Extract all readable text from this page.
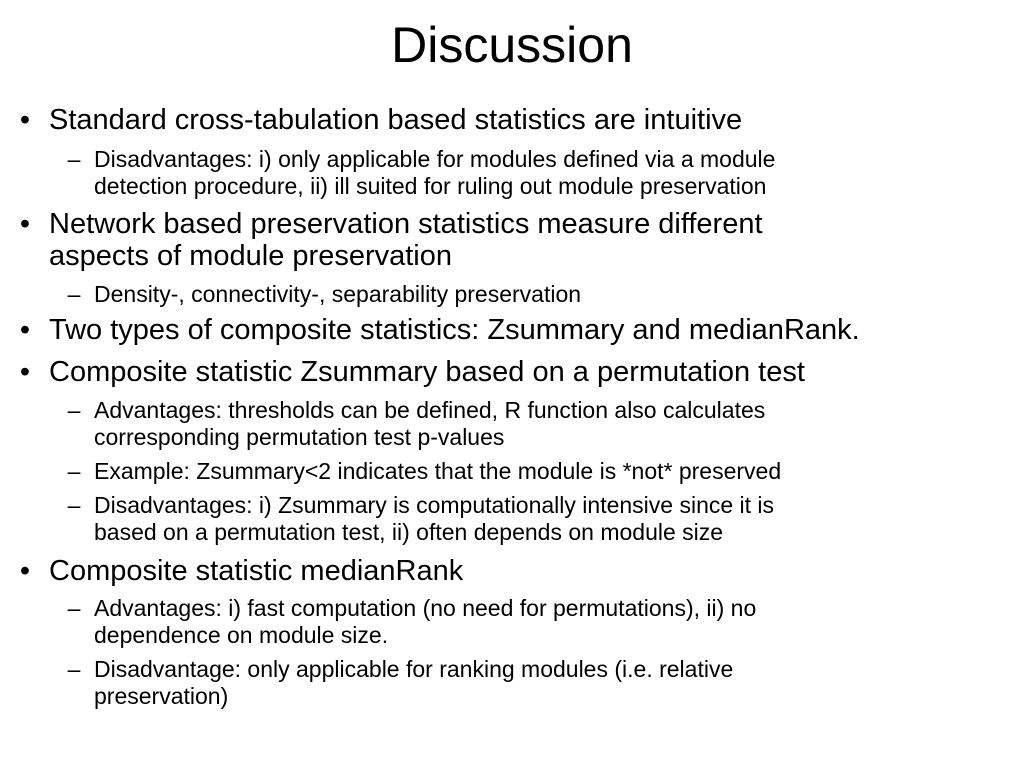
Discussion
• Standard cross-tabulation based statistics are intuitive
– Disadvantages: i) only applicable for modules defined via a module
detection procedure, ii) ill suited for ruling out module preservation
• Network based preservation statistics measure different
aspects of module preservation
– Density-, connectivity-, separability preservation
• Two types of composite statistics: Zsummary and medianRank.
• Composite statistic Zsummary based on a permutation test
– Advantages: thresholds can be defined, R function also calculates
corresponding permutation test p-values
– Example: Zsummary<2 indicates that the module is *not* preserved
– Disadvantages: i) Zsummary is computationally intensive since it is
based on a permutation test, ii) often depends on module size
• Composite statistic medianRank
– Advantages: i) fast computation (no need for permutations), ii) no
dependence on module size.
– Disadvantage: only applicable for ranking modules (i.e. relative
preservation)
